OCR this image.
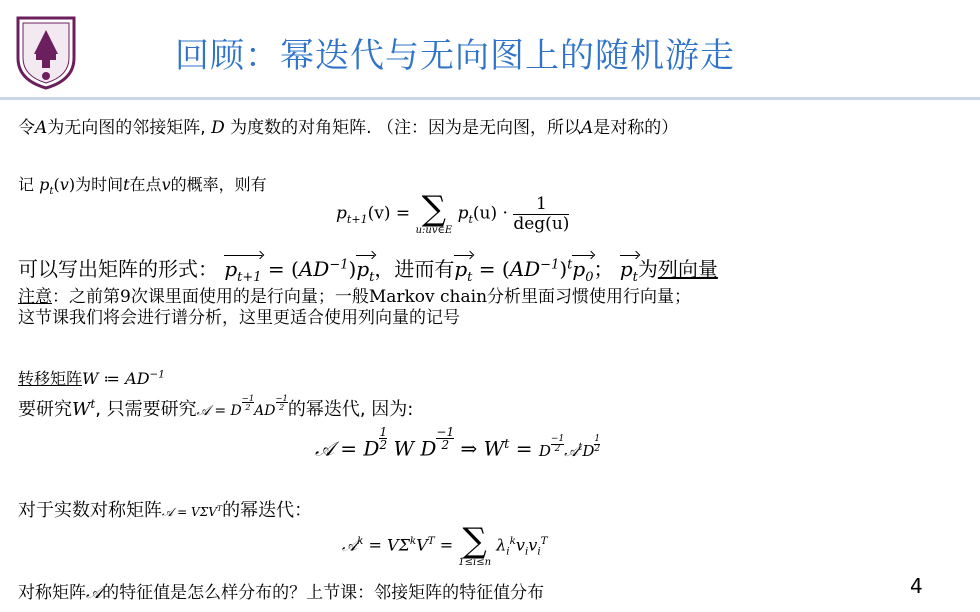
回顾：幂迭代与无向图上的随机游走
令A为无向图的邻接矩阵, D 为度数的对角矩阵. （注：因为是无向图，所以A是对称的）
记 $p_t(v)$为时间t在点v的概率，则有
$p_{t+1}(v)$ = ∑
u:uv∈E
$p_t(u) \cdot \frac{1}{\text{deg(u)}}$
可以写出矩阵的形式： $p_{t+1} = (AD^{-1})p_t$，进而有$p_t = (AD^{-1})^tp_0$； $p_t$为列向量
注意：之前第9次课里面使用的是行向量；一般Markov chain分析里面习惯使用行向量；
这节课我们将会进行谱分析，这里更适合使用列向量的记号
转移矩阵W ≔ $AD^{-1}$
要研究$W^t$, 只需要研究𝒜 = D $\frac{-1}{2}$ AD $\frac{-1}{2}$ 的幂迭代, 因为:
𝒜 = D $\frac{1}{2}$ W D $\frac{-1}{2}$ ⇒ $W^t = D \frac{-1}{2}$ 𝒜$^t$D $\frac{1}{2}$
对于实数对称矩阵𝒜 = $V\Sigma V^T$的幂迭代：
𝒜$^k$ = $V\Sigma^kV^T$ = ∑
1≤i≤n
$\lambda_i^kv_iv_i^T$
对称矩阵𝒜的特征值是怎么样分布的？上节课：邻接矩阵的特征值分布	4
